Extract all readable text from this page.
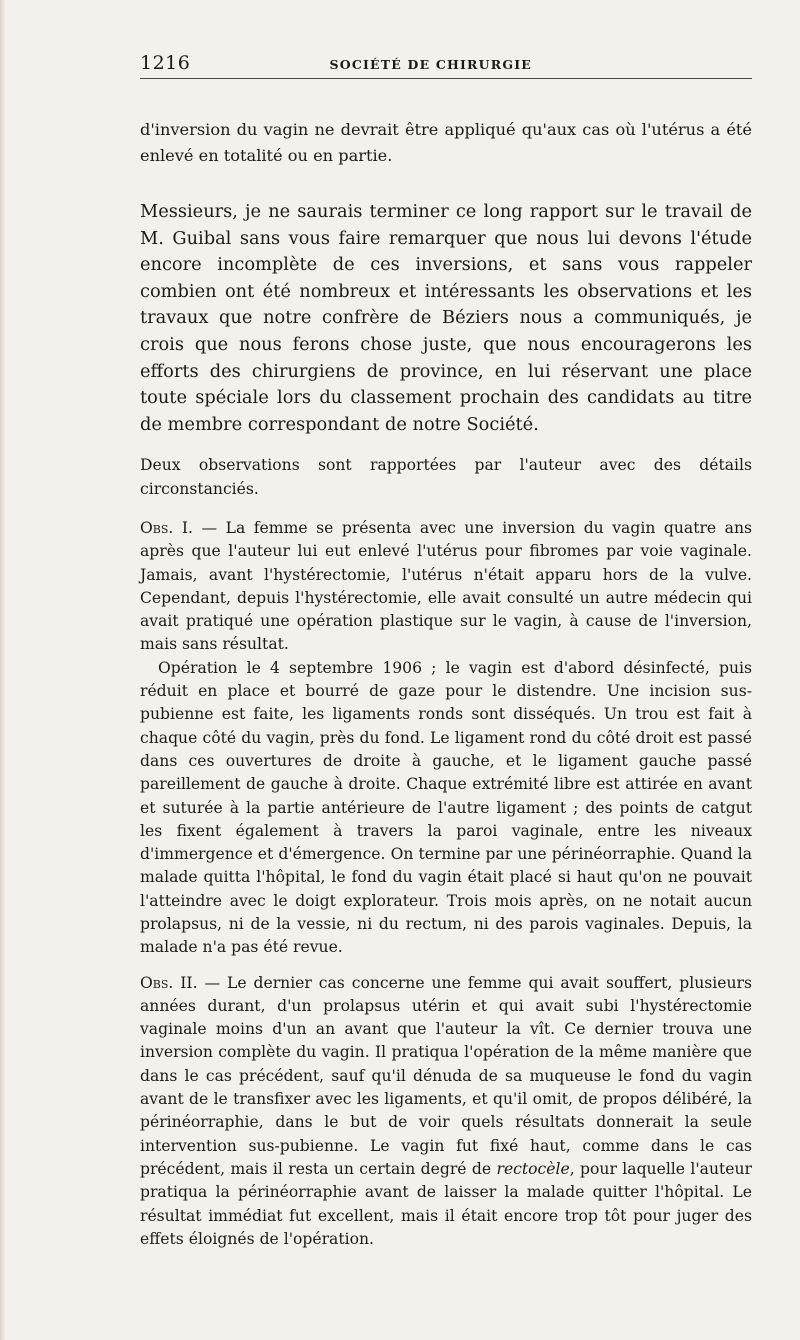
1216	SOCIÉTÉ DE CHIRURGIE

d'inversion du vagin ne devrait être appliqué qu'aux cas où l'utérus a été enlevé en totalité ou en partie.

Messieurs, je ne saurais terminer ce long rapport sur le travail de M. Guibal sans vous faire remarquer que nous lui devons l'étude encore incomplète de ces inversions, et sans vous rappeler combien ont été nombreux et intéressants les observations et les travaux que notre confrère de Béziers nous a communiqués, je crois que nous ferons chose juste, que nous encouragerons les efforts des chirurgiens de province, en lui réservant une place toute spéciale lors du classement prochain des candidats au titre de membre correspondant de notre Société.

Deux observations sont rapportées par l'auteur avec des détails circonstanciés.

Obs. I. — La femme se présenta avec une inversion du vagin quatre ans après que l'auteur lui eut enlevé l'utérus pour fibromes par voie vaginale. Jamais, avant l'hystérectomie, l'utérus n'était apparu hors de la vulve. Cependant, depuis l'hystérectomie, elle avait consulté un autre médecin qui avait pratiqué une opération plastique sur le vagin, à cause de l'inversion, mais sans résultat.

Opération le 4 septembre 1906 ; le vagin est d'abord désinfecté, puis réduit en place et bourré de gaze pour le distendre. Une incision sus-pubienne est faite, les ligaments ronds sont disséqués. Un trou est fait à chaque côté du vagin, près du fond. Le ligament rond du côté droit est passé dans ces ouvertures de droite à gauche, et le ligament gauche passé pareillement de gauche à droite. Chaque extrémité libre est attirée en avant et suturée à la partie antérieure de l'autre ligament ; des points de catgut les fixent également à travers la paroi vaginale, entre les niveaux d'immergence et d'émergence. On termine par une périnéorraphie. Quand la malade quitta l'hôpital, le fond du vagin était placé si haut qu'on ne pouvait l'atteindre avec le doigt explorateur. Trois mois après, on ne notait aucun prolapsus, ni de la vessie, ni du rectum, ni des parois vaginales. Depuis, la malade n'a pas été revue.

Obs. II. — Le dernier cas concerne une femme qui avait souffert, plusieurs années durant, d'un prolapsus utérin et qui avait subi l'hystérectomie vaginale moins d'un an avant que l'auteur la vît. Ce dernier trouva une inversion complète du vagin. Il pratiqua l'opération de la même manière que dans le cas précédent, sauf qu'il dénuda de sa muqueuse le fond du vagin avant de le transfixer avec les ligaments, et qu'il omit, de propos délibéré, la périnéorraphie, dans le but de voir quels résultats donnerait la seule intervention sus-pubienne. Le vagin fut fixé haut, comme dans le cas précédent, mais il resta un certain degré de rectocèle, pour laquelle l'auteur pratiqua la périnéorraphie avant de laisser la malade quitter l'hôpital. Le résultat immédiat fut excellent, mais il était encore trop tôt pour juger des effets éloignés de l'opération.
